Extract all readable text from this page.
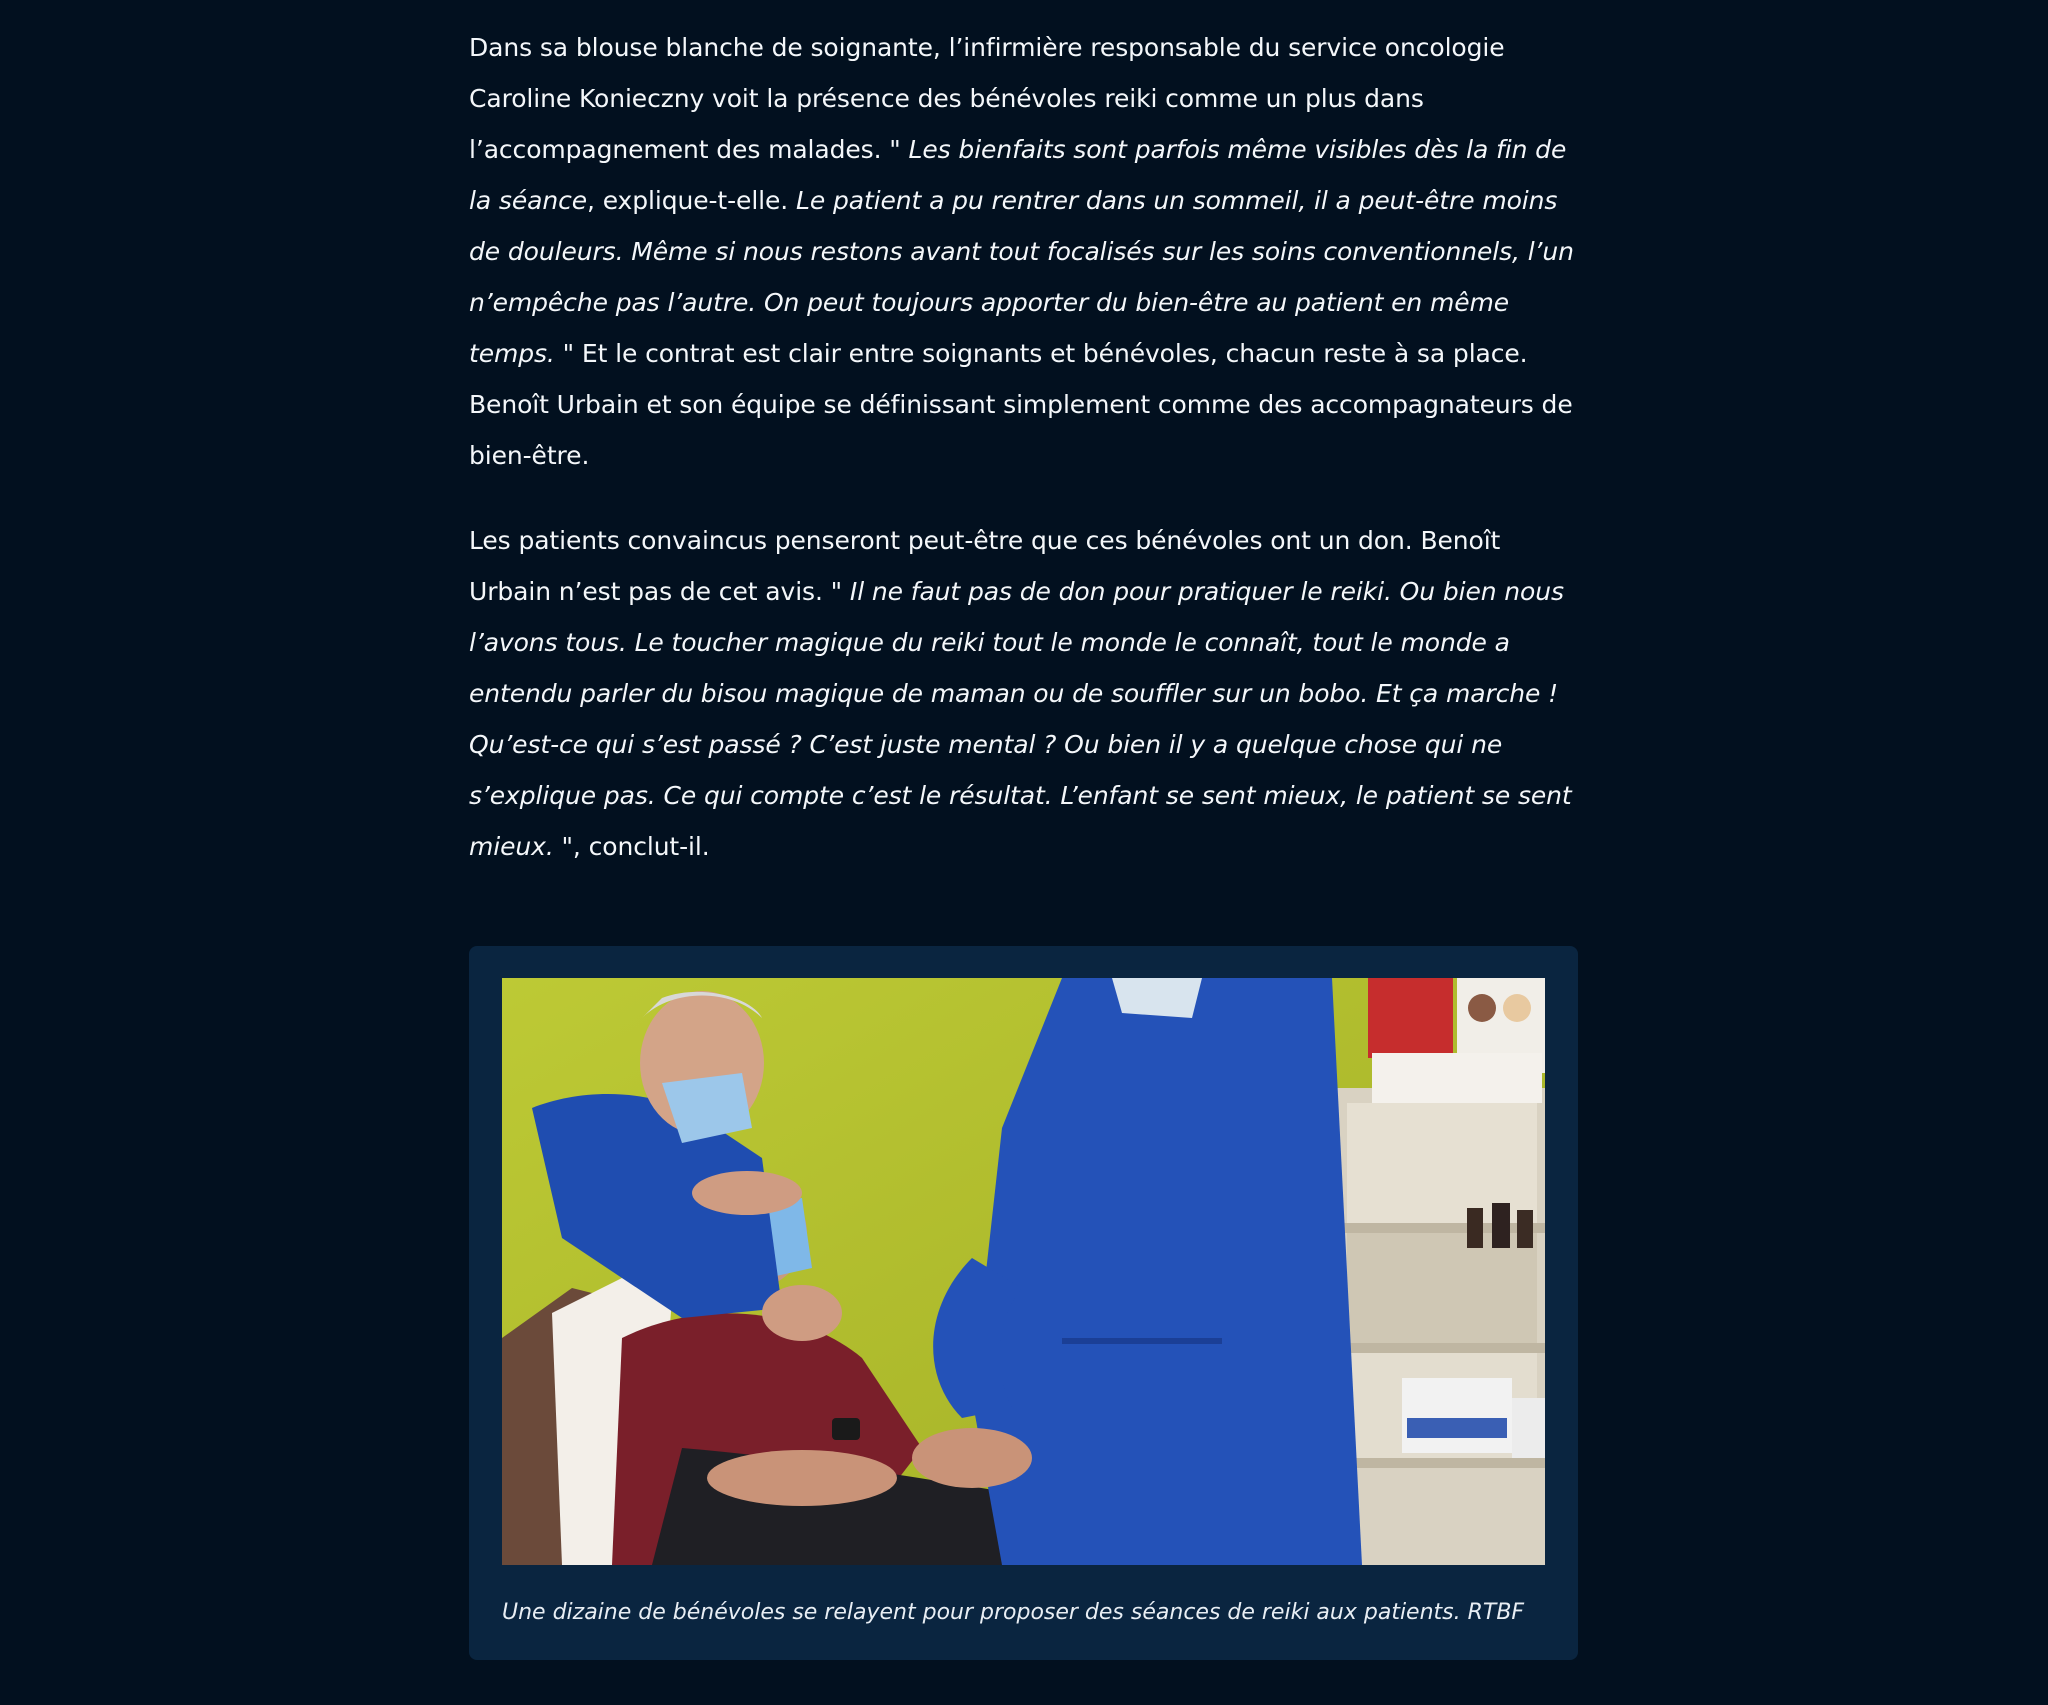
Dans sa blouse blanche de soignante, l’infirmière responsable du service oncologie Caroline Konieczny voit la présence des bénévoles reiki comme un plus dans l’accompagnement des malades. " Les bienfaits sont parfois même visibles dès la fin de la séance, explique-t-elle. Le patient a pu rentrer dans un sommeil, il a peut-être moins de douleurs. Même si nous restons avant tout focalisés sur les soins conventionnels, l’un n’empêche pas l’autre. On peut toujours apporter du bien-être au patient en même temps. " Et le contrat est clair entre soignants et bénévoles, chacun reste à sa place. Benoît Urbain et son équipe se définissant simplement comme des accompagnateurs de bien-être.

Les patients convaincus penseront peut-être que ces bénévoles ont un don. Benoît Urbain n’est pas de cet avis. " Il ne faut pas de don pour pratiquer le reiki. Ou bien nous l’avons tous. Le toucher magique du reiki tout le monde le connaît, tout le monde a entendu parler du bisou magique de maman ou de souffler sur un bobo. Et ça marche ! Qu’est-ce qui s’est passé ? C’est juste mental ? Ou bien il y a quelque chose qui ne s’explique pas. Ce qui compte c’est le résultat. L’enfant se sent mieux, le patient se sent mieux. ", conclut-il.

Une dizaine de bénévoles se relayent pour proposer des séances de reiki aux patients. RTBF
